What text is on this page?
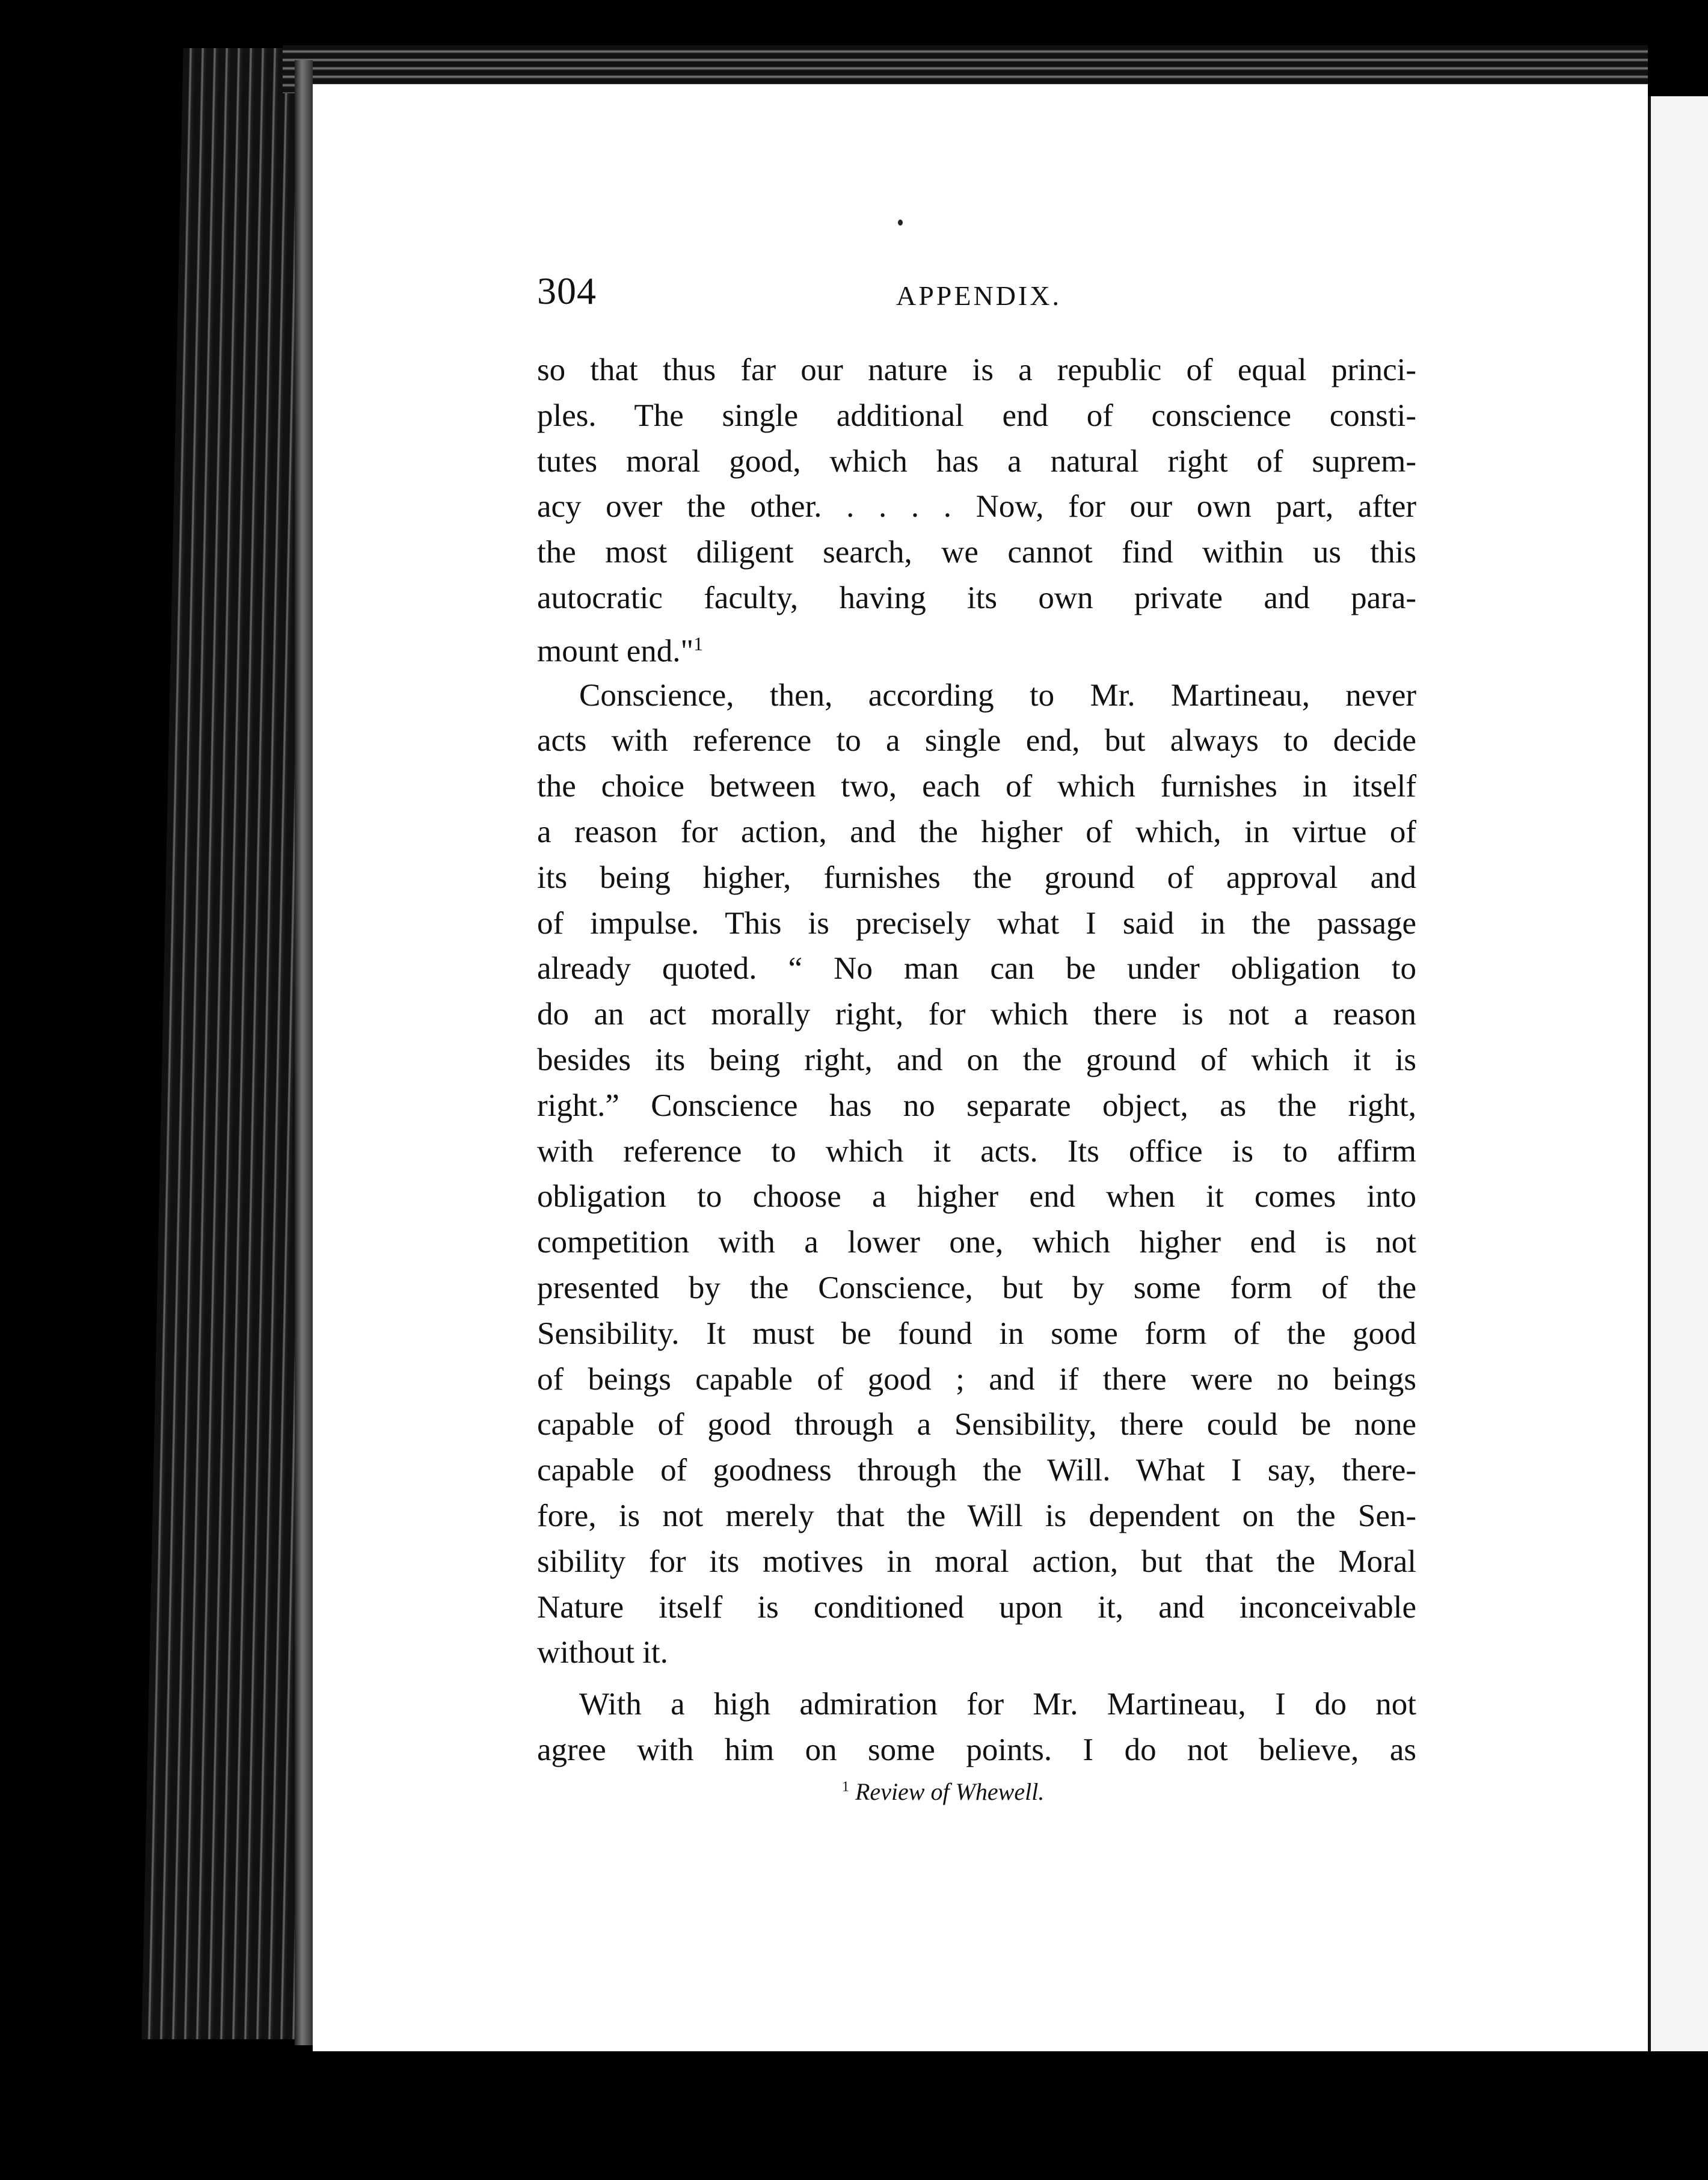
304	APPENDIX.
so that thus far our nature is a republic of equal princi-
ples. The single additional end of conscience consti-
tutes moral good, which has a natural right of suprem-
acy over the other. . . . . Now, for our own part, after
the most diligent search, we cannot find within us this
autocratic faculty, having its own private and para-
mount end."$^1$
Conscience, then, according to Mr. Martineau, never
acts with reference to a single end, but always to decide
the choice between two, each of which furnishes in itself
a reason for action, and the higher of which, in virtue of
its being higher, furnishes the ground of approval and
of impulse. This is precisely what I said in the passage
already quoted. “ No man can be under obligation to
do an act morally right, for which there is not a reason
besides its being right, and on the ground of which it is
right.” Conscience has no separate object, as the right,
with reference to which it acts. Its office is to affirm
obligation to choose a higher end when it comes into
competition with a lower one, which higher end is not
presented by the Conscience, but by some form of the
Sensibility. It must be found in some form of the good
of beings capable of good ; and if there were no beings
capable of good through a Sensibility, there could be none
capable of goodness through the Will. What I say, there-
fore, is not merely that the Will is dependent on the Sen-
sibility for its motives in moral action, but that the Moral
Nature itself is conditioned upon it, and inconceivable
without it.
With a high admiration for Mr. Martineau, I do not
agree with him on some points. I do not believe, as
$^1$ Review of Whewell.
